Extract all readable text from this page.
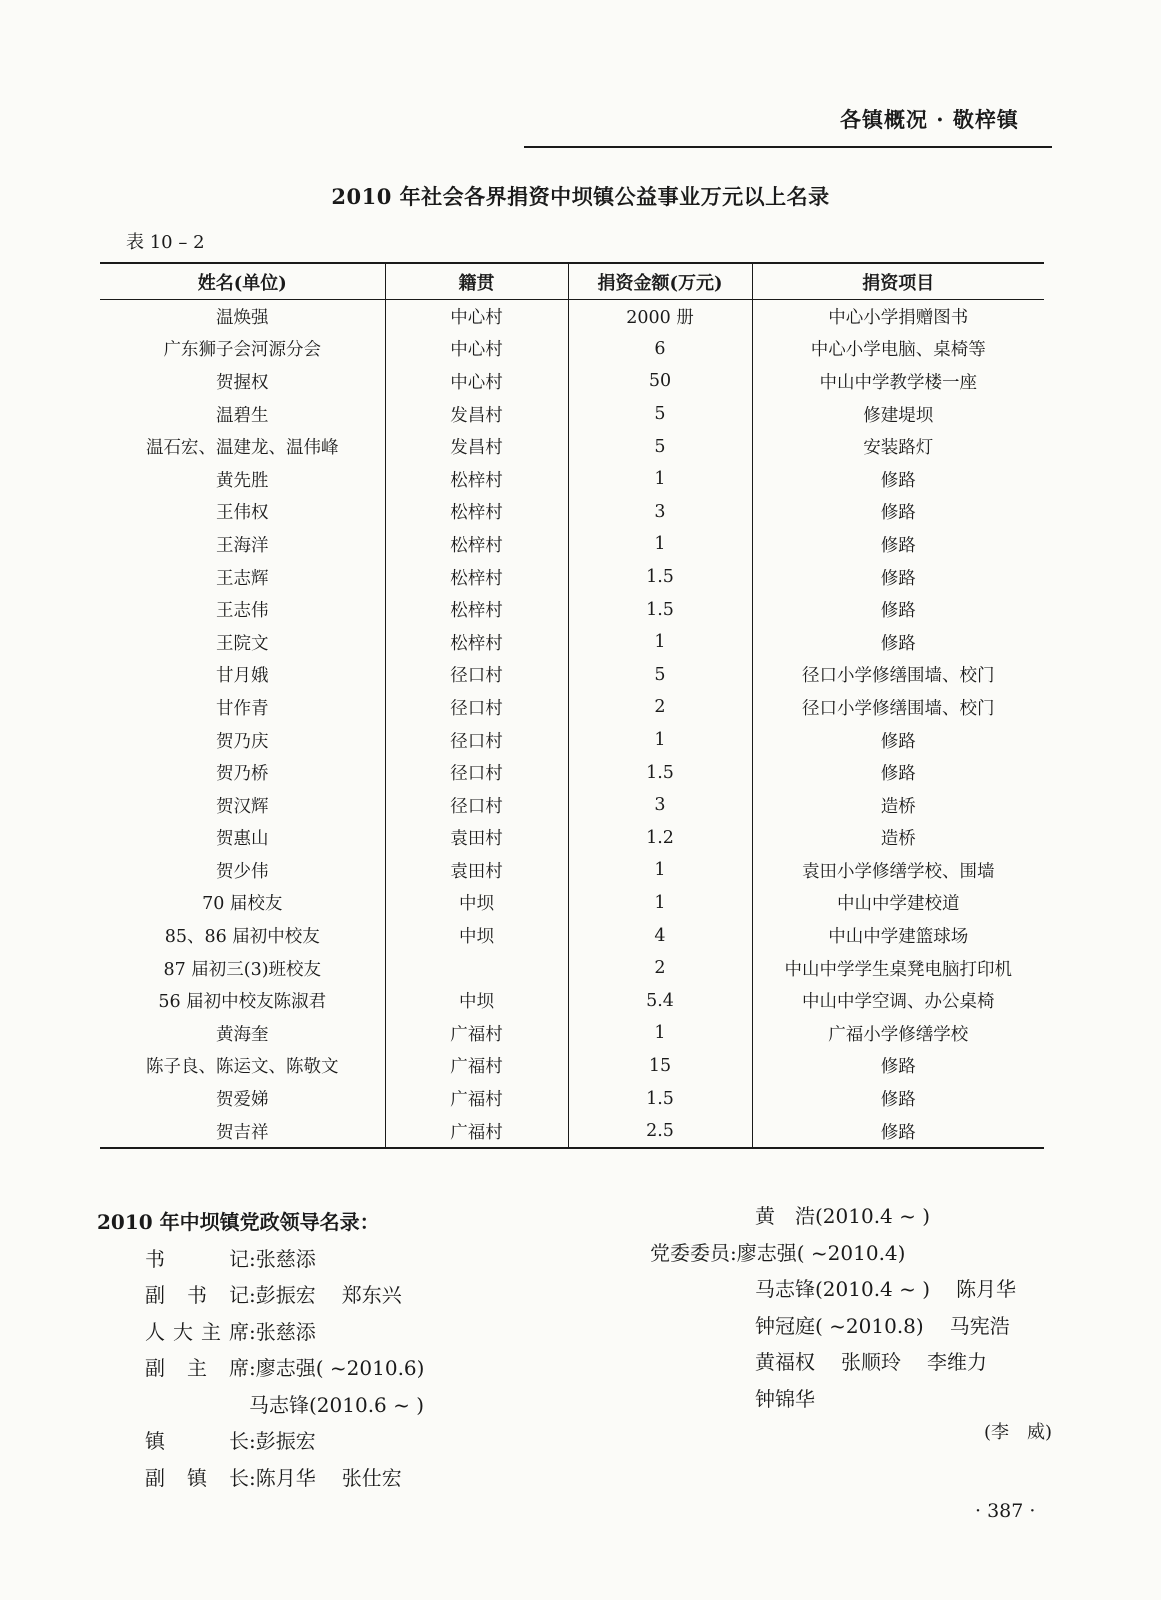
各镇概况 · 敬梓镇
2010 年社会各界捐资中坝镇公益事业万元以上名录
表 10 – 2
姓名(单位)	籍贯	捐资金额(万元)	捐资项目
温焕强	中心村	2000 册	中心小学捐赠图书
广东狮子会河源分会	中心村	6	中心小学电脑、桌椅等
贺握权	中心村	50	中山中学教学楼一座
温碧生	发昌村	5	修建堤坝
温石宏、温建龙、温伟峰	发昌村	5	安装路灯
黄先胜	松梓村	1	修路
王伟权	松梓村	3	修路
王海洋	松梓村	1	修路
王志辉	松梓村	1.5	修路
王志伟	松梓村	1.5	修路
王院文	松梓村	1	修路
甘月娥	径口村	5	径口小学修缮围墙、校门
甘作青	径口村	2	径口小学修缮围墙、校门
贺乃庆	径口村	1	修路
贺乃桥	径口村	1.5	修路
贺汉辉	径口村	3	造桥
贺惠山	袁田村	1.2	造桥
贺少伟	袁田村	1	袁田小学修缮学校、围墙
70 届校友	中坝	1	中山中学建校道
85、86 届初中校友	中坝	4	中山中学建篮球场
87 届初三(3)班校友		2	中山中学学生桌凳电脑打印机
56 届初中校友陈淑君	中坝	5.4	中山中学空调、办公桌椅
黄海奎	广福村	1	广福小学修缮学校
陈子良、陈运文、陈敬文	广福村	15	修路
贺爱娣	广福村	1.5	修路
贺吉祥	广福村	2.5	修路
2010 年中坝镇党政领导名录：
书记:张慈添
副书记:彭振宏 郑东兴
人大主席:张慈添
副主席:廖志强( ~2010.6)
马志锋(2010.6 ~ )
镇长:彭振宏
副镇长:陈月华 张仕宏
黄　浩(2010.4 ~ )
党委委员:廖志强( ~2010.4)
马志锋(2010.4 ~ ) 陈月华
钟冠庭( ~2010.8) 马宪浩
黄福权 张顺玲 李维力
钟锦华
(李　威)
· 387 ·
